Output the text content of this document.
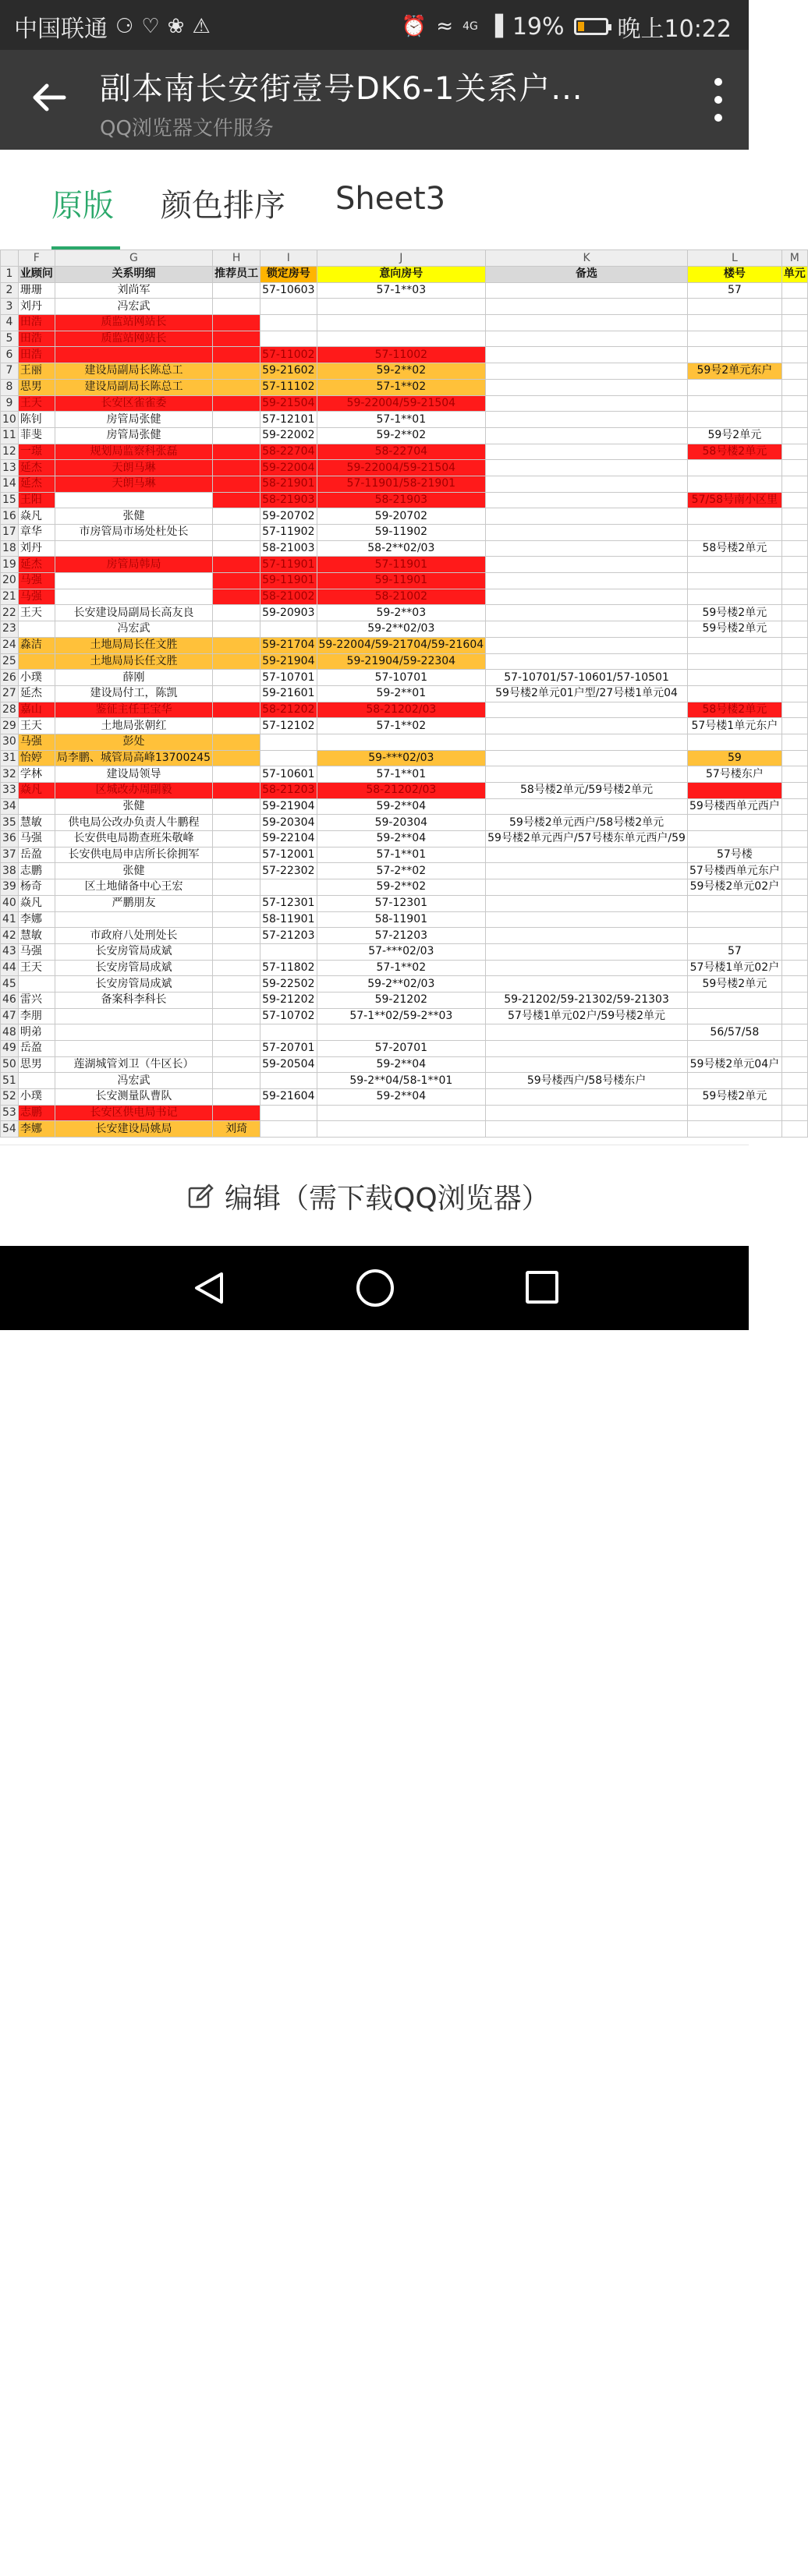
中国联通 ⚆ ♡ ❀ ⚠	⏰ ≈ 4G ▐ 19% 晚上10:22
副本南长安街壹号DK6-1关系户...
QQ浏览器文件服务
原版 颜色排序 Sheet3
	F	G	H	I	J	K	L	M
1	业顾问	关系明细	推荐员工	锁定房号	意向房号	备选	楼号	单元
2	珊珊	刘尚军		57-10603	57-1**03		57	
3	刘丹	冯宏武						
4	田浩	质监站网站长						
5	田浩	质监站网站长						
6	田浩			57-11002	57-11002			
7	王丽	建设局副局长陈总工		59-21602	59-2**02		59号2单元东户	
8	思男	建设局副局长陈总工		57-11102	57-1**02			
9	王天	长安区雀雀委		59-21504	59-22004/59-21504			
10	陈钊	房管局张健		57-12101	57-1**01			
11	菲斐	房管局张健		59-22002	59-2**02		59号2单元	
12	一璟	规划局监察科张磊		58-22704	58-22704		58号楼2单元	
13	延杰	天朗马琳		59-22004	59-22004/59-21504			
14	延杰	天朗马琳		58-21901	57-11901/58-21901			
15	王阳			58-21903	58-21903		57/58号南小区里	
16	焱凡	张健		59-20702	59-20702			
17	章华	市房管局市场处杜处长		57-11902	59-11902			
18	刘丹			58-21003	58-2**02/03		58号楼2单元	
19	延杰	房管局韩局		57-11901	57-11901			
20	马强			59-11901	59-11901			
21	马强			58-21002	58-21002			
22	王天	长安建设局副局长高友良		59-20903	59-2**03		59号楼2单元	
23		冯宏武			59-2**02/03		59号楼2单元	
24	淼洁	土地局局长任文胜		59-21704	59-22004/59-21704/59-21604			
25		土地局局长任文胜		59-21904	59-21904/59-22304			
26	小璞	薛刚		57-10701	57-10701	57-10701/57-10601/57-10501		
27	延杰	建设局付工，陈凯		59-21601	59-2**01	59号楼2单元01户型/27号楼1单元04		
28	嘉山	鉴征主任王宝华		58-21202	58-21202/03		58号楼2单元	
29	王天	土地局张朝红		57-12102	57-1**02		57号楼1单元东户	
30	马强	彭处						
31	怡婷	局李鹏、城管局高峰13700245			59-***02/03		59	
32	学林	建设局领导		57-10601	57-1**01		57号楼东户	
33	焱凡	区城改办周副毅		58-21203	58-21202/03	58号楼2单元/59号楼2单元		
34		张健		59-21904	59-2**04		59号楼西单元西户	
35	慧敏	供电局公改办负责人牛鹏程		59-20304	59-20304	59号楼2单元西户/58号楼2单元		
36	马强	长安供电局勘查班朱敬峰		59-22104	59-2**04	59号楼2单元西户/57号楼东单元西户/59		
37	岳盈	长安供电局申店所长徐拥军		57-12001	57-1**01		57号楼	
38	志鹏	张健		57-22302	57-2**02		57号楼西单元东户	
39	杨奇	区土地储备中心王宏			59-2**02		59号楼2单元02户	
40	焱凡	严鹏朋友		57-12301	57-12301			
41	李娜			58-11901	58-11901			
42	慧敏	市政府八处刑处长		57-21203	57-21203			
43	马强	长安房管局成斌			57-***02/03		57	
44	王天	长安房管局成斌		57-11802	57-1**02		57号楼1单元02户	
45		长安房管局成斌		59-22502	59-2**02/03		59号楼2单元	
46	雷兴	备案科李科长		59-21202	59-21202	59-21202/59-21302/59-21303		
47	李朋			57-10702	57-1**02/59-2**03	57号楼1单元02户/59号楼2单元		
48	明弟						56/57/58	
49	岳盈			57-20701	57-20701			
50	思男	莲湖城管刘卫（牛区长）		59-20504	59-2**04		59号楼2单元04户	
51		冯宏武			59-2**04/58-1**01	59号楼西户/58号楼东户		
52	小璞	长安测量队曹队		59-21604	59-2**04		59号楼2单元	
53	志鹏	长安区供电局书记						
54	李娜	长安建设局姚局	刘琦					
编辑（需下载QQ浏览器）
⚆ @leechuanrong
爱卡汽车
